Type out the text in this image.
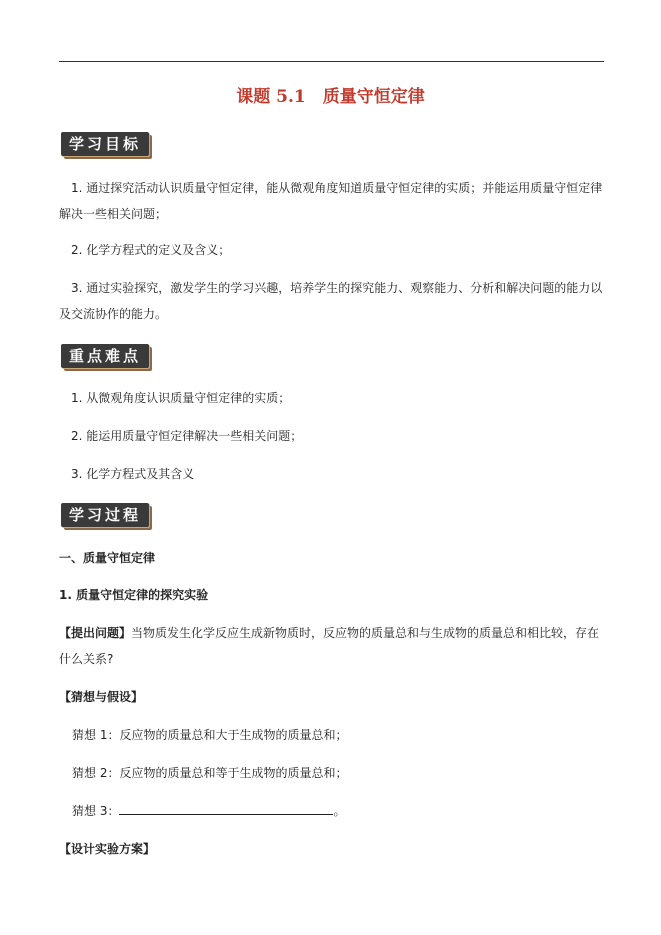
课题 5.1　质量守恒定律
学习目标
1. 通过探究活动认识质量守恒定律，能从微观角度知道质量守恒定律的实质；并能运用质量守恒定律解决一些相关问题；
2. 化学方程式的定义及含义；
3. 通过实验探究，激发学生的学习兴趣，培养学生的探究能力、观察能力、分析和解决问题的能力以及交流协作的能力。
重点难点
1. 从微观角度认识质量守恒定律的实质；
2. 能运用质量守恒定律解决一些相关问题；
3. 化学方程式及其含义
学习过程
一、质量守恒定律
1. 质量守恒定律的探究实验
【提出问题】当物质发生化学反应生成新物质时，反应物的质量总和与生成物的质量总和相比较，存在什么关系?
【猜想与假设】
猜想 1：反应物的质量总和大于生成物的质量总和；
猜想 2：反应物的质量总和等于生成物的质量总和；
猜想 3：	。
【设计实验方案】
